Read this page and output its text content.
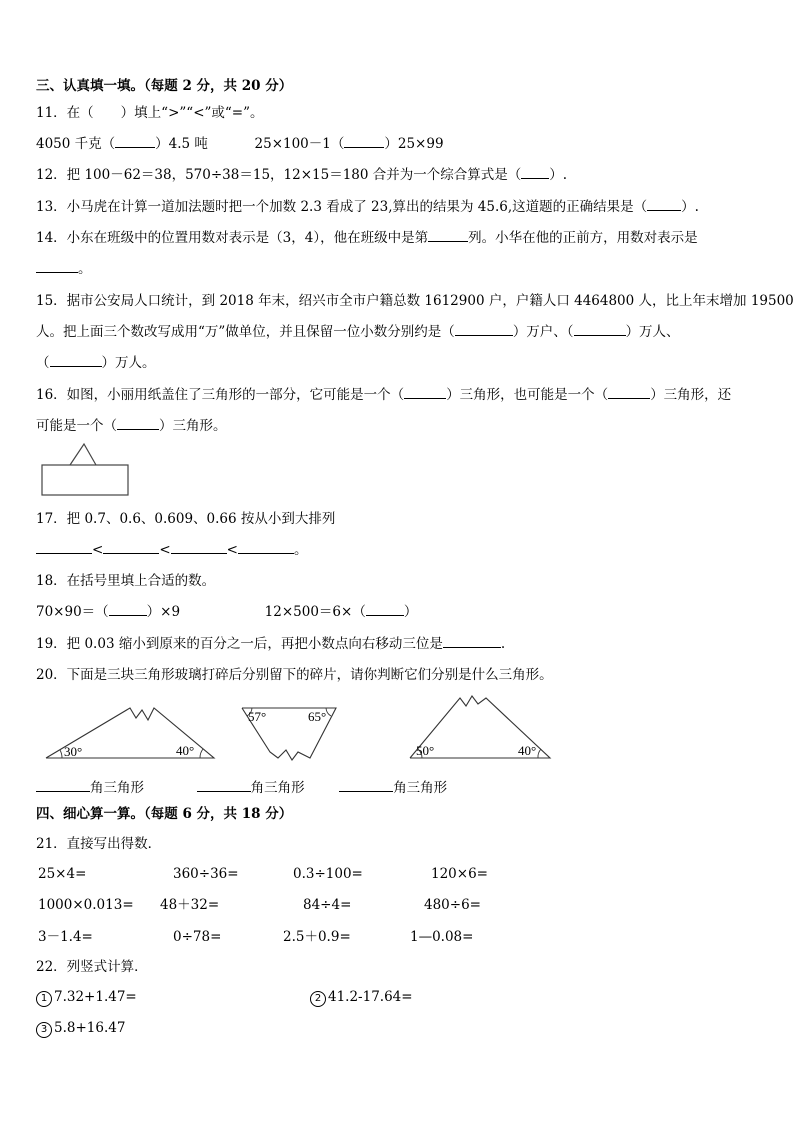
三、认真填一填。（每题 2 分，共 20 分）
11．在（　　）填上“>”“<”或“=”。
4050 千克（	）4.5 吨	25×100－1（	）25×99
12．把 100－62＝38，570÷38＝15，12×15＝180 合并为一个综合算式是（ ）.
13．小马虎在计算一道加法题时把一个加数 2.3 看成了 23,算出的结果为 45.6,这道题的正确结果是（	）.
14．小东在班级中的位置用数对表示是（3，4），他在班级中是第	列。小华在他的正前方，用数对表示是
。
15．据市公安局人口统计，到 2018 年末，绍兴市全市户籍总数 1612900 户，户籍人口 4464800 人，比上年末增加 19500
人。把上面三个数改写成用“万”做单位，并且保留一位小数分别约是（	）万户、（	）万人、
（	）万人。
16．如图，小丽用纸盖住了三角形的一部分，它可能是一个（	）三角形，也可能是一个（	）三角形，还
可能是一个（	）三角形。
17．把 0.7、0.6、0.609、0.66 按从小到大排列
<	<	<	。
18．在括号里填上合适的数。
70×90＝（	）×9	12×500＝6×（	）
19．把 0.03 缩小到原来的百分之一后，再把小数点向右移动三位是	.
20．下面是三块三角形玻璃打碎后分别留下的碎片，请你判断它们分别是什么三角形。
30°	40°
57°	65°
50°	40°
角三角形	角三角形	角三角形
四、细心算一算。（每题 6 分，共 18 分）
21．直接写出得数．
25×4=	360÷36=	0.3÷100=	120×6=
1000×0.013= 48＋32=	84÷4=	480÷6=
3－1.4=	0÷78=	2.5＋0.9=	1—0.08=
22．列竖式计算．
1 7.32+1.47=	2 41.2-17.64=
3 5.8+16.47
